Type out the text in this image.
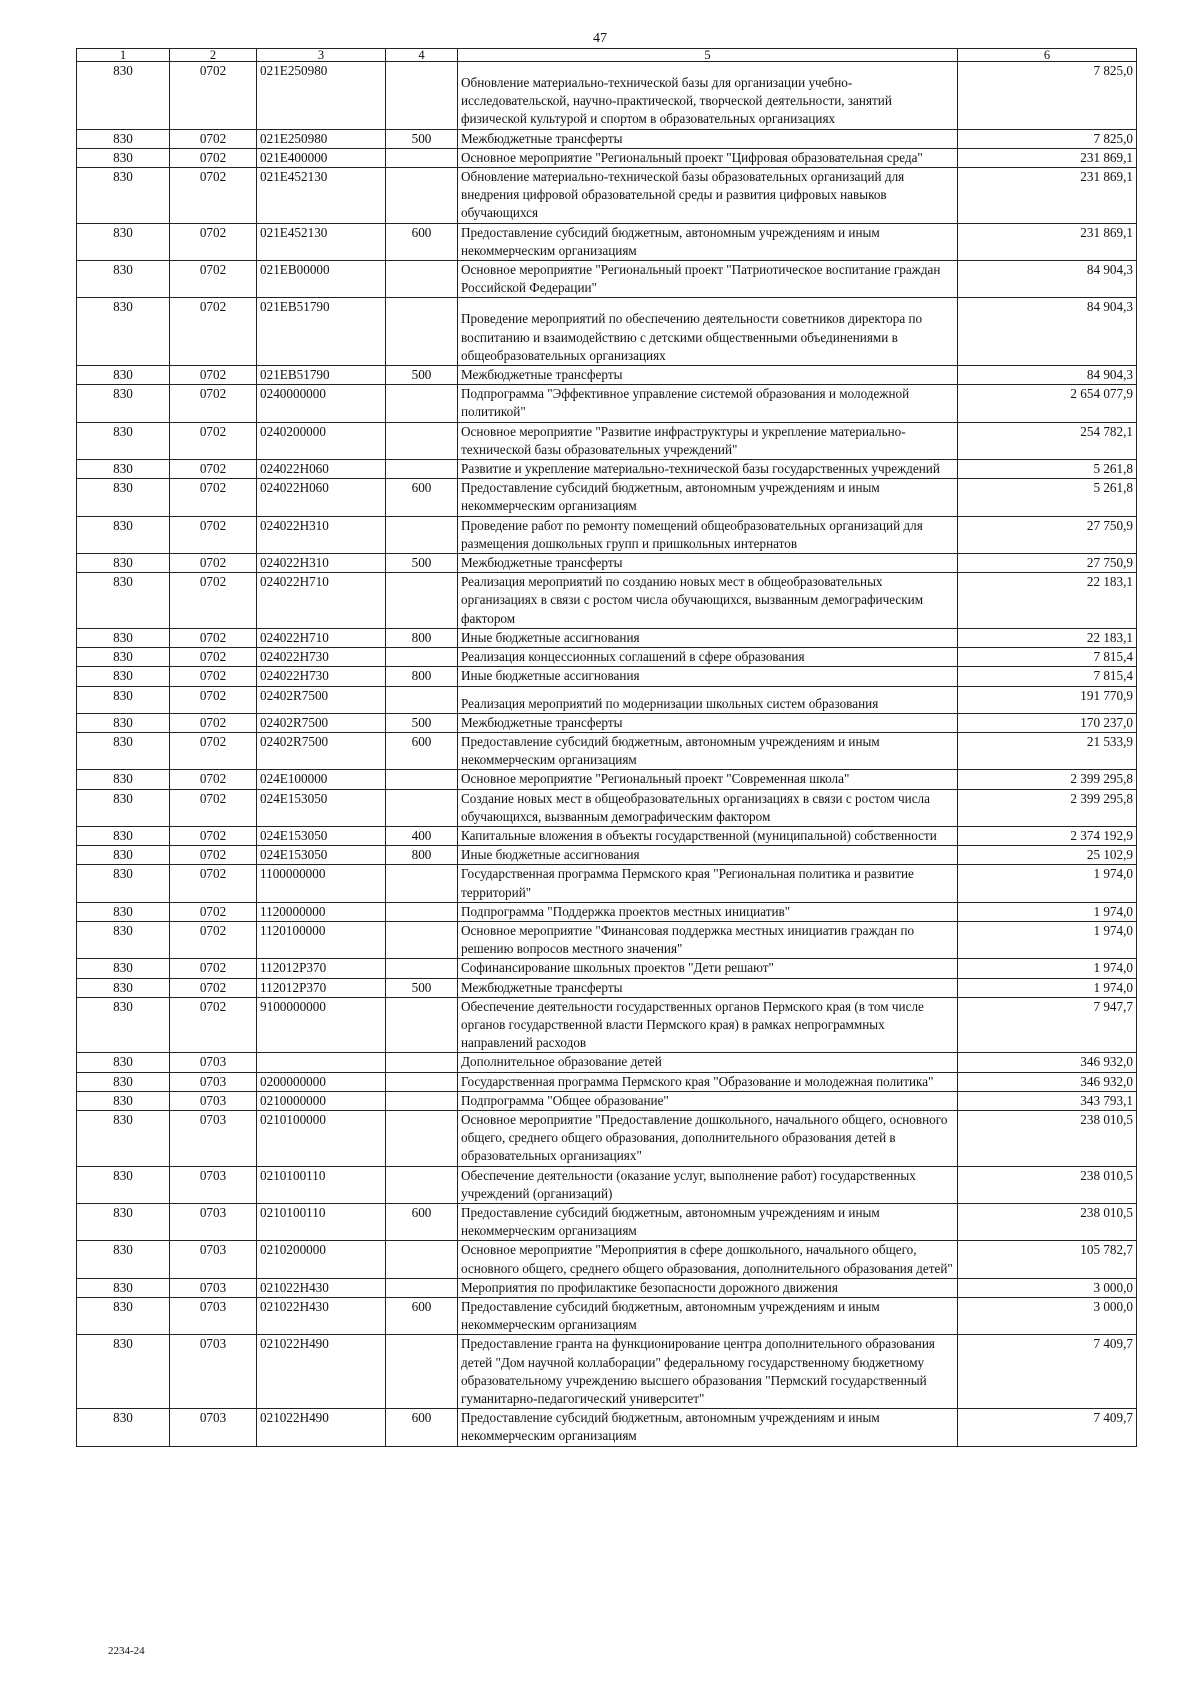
47
1	2	3	4	5	6
830	0702	021E250980		Обновление материально-технической базы для организации учебно-исследовательской, научно-практической, творческой деятельности, занятий физической культурой и спортом в образовательных организациях	7 825,0
830	0702	021E250980	500	Межбюджетные трансферты	7 825,0
830	0702	021E400000		Основное мероприятие "Региональный проект "Цифровая образовательная среда"	231 869,1
830	0702	021E452130		Обновление материально-технической базы образовательных организаций для внедрения цифровой образовательной среды и развития цифровых навыков обучающихся	231 869,1
830	0702	021E452130	600	Предоставление субсидий бюджетным, автономным учреждениям и иным некоммерческим организациям	231 869,1
830	0702	021EB00000		Основное мероприятие "Региональный проект "Патриотическое воспитание граждан Российской Федерации"	84 904,3
830	0702	021EB51790		Проведение мероприятий по обеспечению деятельности советников директора по воспитанию и взаимодействию с детскими общественными объединениями в общеобразовательных организациях	84 904,3
830	0702	021EB51790	500	Межбюджетные трансферты	84 904,3
830	0702	0240000000		Подпрограмма "Эффективное управление системой образования и молодежной политикой"	2 654 077,9
830	0702	0240200000		Основное мероприятие "Развитие инфраструктуры и укрепление материально-технической базы образовательных учреждений"	254 782,1
830	0702	024022Н060		Развитие и укрепление материально-технической базы государственных учреждений	5 261,8
830	0702	024022Н060	600	Предоставление субсидий бюджетным, автономным учреждениям и иным некоммерческим организациям	5 261,8
830	0702	024022Н310		Проведение работ по ремонту помещений общеобразовательных организаций для размещения дошкольных групп и пришкольных интернатов	27 750,9
830	0702	024022Н310	500	Межбюджетные трансферты	27 750,9
830	0702	024022Н710		Реализация мероприятий по созданию новых мест в общеобразовательных организациях в связи с ростом числа обучающихся, вызванным демографическим фактором	22 183,1
830	0702	024022Н710	800	Иные бюджетные ассигнования	22 183,1
830	0702	024022Н730		Реализация концессионных соглашений в сфере образования	7 815,4
830	0702	024022Н730	800	Иные бюджетные ассигнования	7 815,4
830	0702	02402R7500		Реализация мероприятий по модернизации школьных систем образования	191 770,9
830	0702	02402R7500	500	Межбюджетные трансферты	170 237,0
830	0702	02402R7500	600	Предоставление субсидий бюджетным, автономным учреждениям и иным некоммерческим организациям	21 533,9
830	0702	024E100000		Основное мероприятие "Региональный проект "Современная школа"	2 399 295,8
830	0702	024E153050		Создание новых мест в общеобразовательных организациях в связи с ростом числа обучающихся, вызванным демографическим фактором	2 399 295,8
830	0702	024E153050	400	Капитальные вложения в объекты государственной (муниципальной) собственности	2 374 192,9
830	0702	024E153050	800	Иные бюджетные ассигнования	25 102,9
830	0702	1100000000		Государственная программа Пермского края "Региональная политика и развитие территорий"	1 974,0
830	0702	1120000000		Подпрограмма "Поддержка проектов местных инициатив"	1 974,0
830	0702	1120100000		Основное мероприятие "Финансовая поддержка местных инициатив граждан по решению вопросов местного значения"	1 974,0
830	0702	112012Р370		Софинансирование школьных проектов "Дети решают"	1 974,0
830	0702	112012Р370	500	Межбюджетные трансферты	1 974,0
830	0702	9100000000		Обеспечение деятельности государственных органов Пермского края (в том числе органов государственной власти Пермского края) в рамках непрограммных направлений расходов	7 947,7
830	0703			Дополнительное образование детей	346 932,0
830	0703	0200000000		Государственная программа Пермского края "Образование и молодежная политика"	346 932,0
830	0703	0210000000		Подпрограмма "Общее образование"	343 793,1
830	0703	0210100000		Основное мероприятие "Предоставление дошкольного, начального общего, основного общего, среднего общего образования, дополнительного образования детей в образовательных организациях"	238 010,5
830	0703	0210100110		Обеспечение деятельности (оказание услуг, выполнение работ) государственных учреждений (организаций)	238 010,5
830	0703	0210100110	600	Предоставление субсидий бюджетным, автономным учреждениям и иным некоммерческим организациям	238 010,5
830	0703	0210200000		Основное мероприятие "Мероприятия в сфере дошкольного, начального общего, основного общего, среднего общего образования, дополнительного образования детей"	105 782,7
830	0703	021022Н430		Мероприятия по профилактике безопасности дорожного движения	3 000,0
830	0703	021022Н430	600	Предоставление субсидий бюджетным, автономным учреждениям и иным некоммерческим организациям	3 000,0
830	0703	021022Н490		Предоставление гранта на функционирование центра дополнительного образования детей "Дом научной коллаборации" федеральному государственному бюджетному образовательному учреждению высшего образования "Пермский государственный гуманитарно-педагогический университет"	7 409,7
830	0703	021022Н490	600	Предоставление субсидий бюджетным, автономным учреждениям и иным некоммерческим организациям	7 409,7
2234-24
